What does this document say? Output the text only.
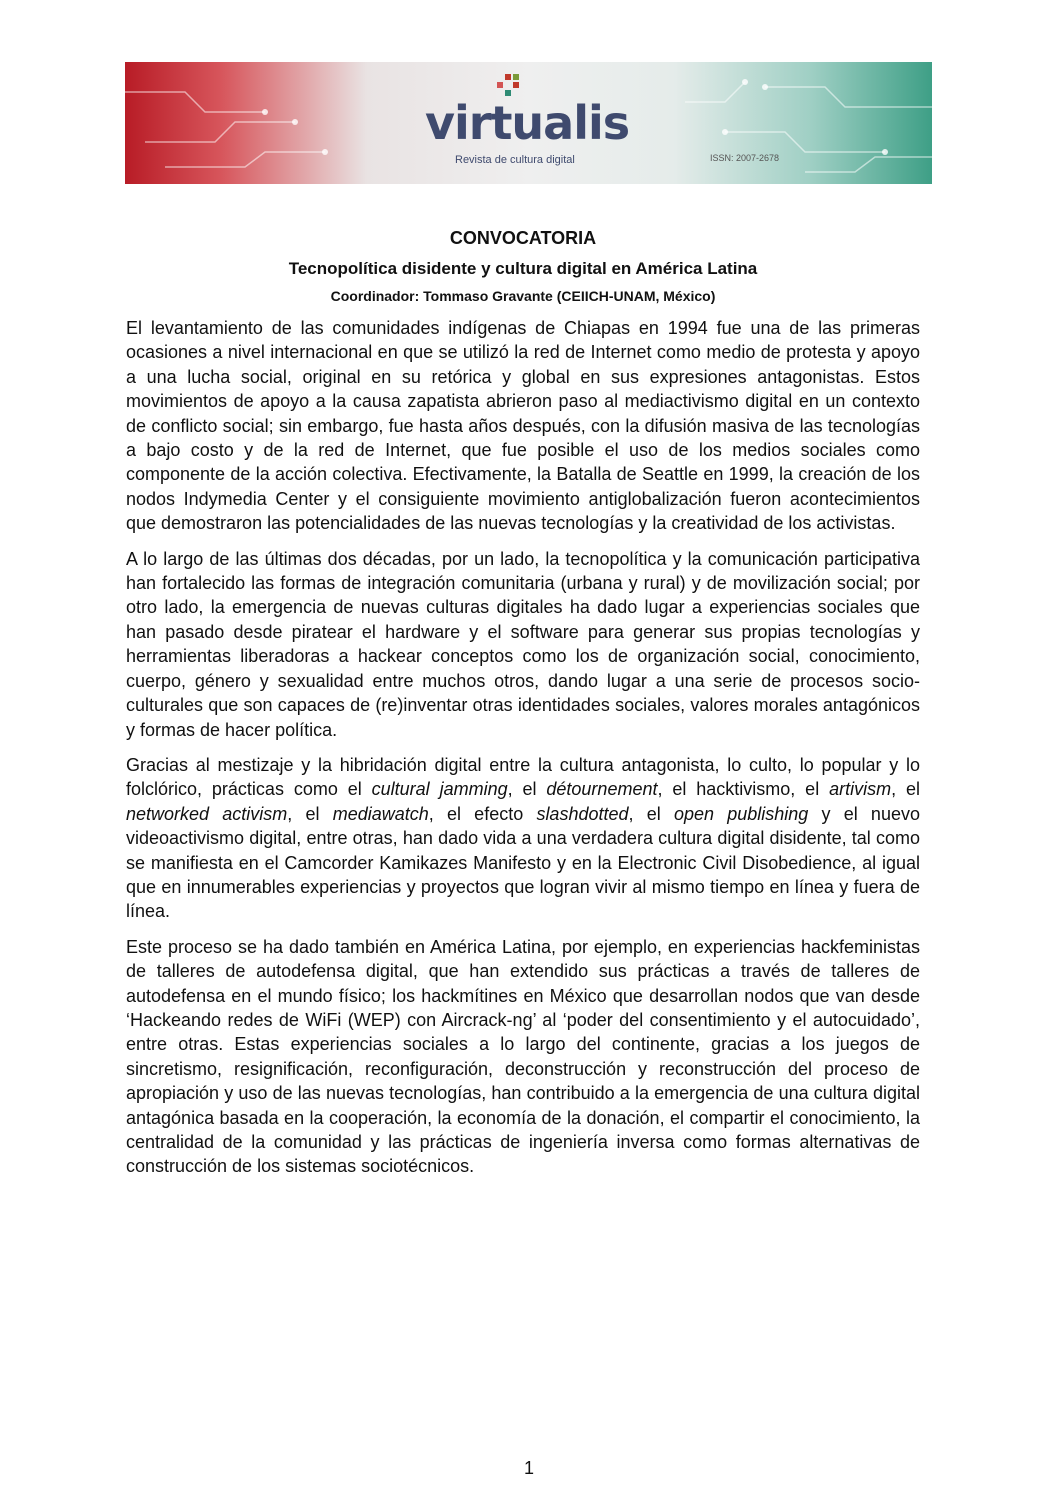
virtualis
Revista de cultura digital	ISSN: 2007-2678
CONVOCATORIA
Tecnopolítica disidente y cultura digital en América Latina
Coordinador: Tommaso Gravante (CEIICH-UNAM, México)

El levantamiento de las comunidades indígenas de Chiapas en 1994 fue una de las primeras ocasiones a nivel internacional en que se utilizó la red de Internet como medio de protesta y apoyo a una lucha social, original en su retórica y global en sus expresiones antagonistas. Estos movimientos de apoyo a la causa zapatista abrieron paso al mediactivismo digital en un contexto de conflicto social; sin embargo, fue hasta años después, con la difusión masiva de las tecnologías a bajo costo y de la red de Internet, que fue posible el uso de los medios sociales como componente de la acción colectiva. Efectivamente, la Batalla de Seattle en 1999, la creación de los nodos Indymedia Center y el consiguiente movimiento antiglobalización fueron acontecimientos que demostraron las potencialidades de las nuevas tecnologías y la creatividad de los activistas.

A lo largo de las últimas dos décadas, por un lado, la tecnopolítica y la comunicación participativa han fortalecido las formas de integración comunitaria (urbana y rural) y de movilización social; por otro lado, la emergencia de nuevas culturas digitales ha dado lugar a experiencias sociales que han pasado desde piratear el hardware y el software para generar sus propias tecnologías y herramientas liberadoras a hackear conceptos como los de organización social, conocimiento, cuerpo, género y sexualidad entre muchos otros, dando lugar a una serie de procesos socio-culturales que son capaces de (re)inventar otras identidades sociales, valores morales antagónicos y formas de hacer política.

Gracias al mestizaje y la hibridación digital entre la cultura antagonista, lo culto, lo popular y lo folclórico, prácticas como el cultural jamming, el détournement, el hacktivismo, el artivism, el networked activism, el mediawatch, el efecto slashdotted, el open publishing y el nuevo videoactivismo digital, entre otras, han dado vida a una verdadera cultura digital disidente, tal como se manifiesta en el Camcorder Kamikazes Manifesto y en la Electronic Civil Disobedience, al igual que en innumerables experiencias y proyectos que logran vivir al mismo tiempo en línea y fuera de línea.

Este proceso se ha dado también en América Latina, por ejemplo, en experiencias hackfeministas de talleres de autodefensa digital, que han extendido sus prácticas a través de talleres de autodefensa en el mundo físico; los hackmítines en México que desarrollan nodos que van desde ‘Hackeando redes de WiFi (WEP) con Aircrack-ng’ al ‘poder del consentimiento y el autocuidado’, entre otras. Estas experiencias sociales a lo largo del continente, gracias a los juegos de sincretismo, resignificación, reconfiguración, deconstrucción y reconstrucción del proceso de apropiación y uso de las nuevas tecnologías, han contribuido a la emergencia de una cultura digital antagónica basada en la cooperación, la economía de la donación, el compartir el conocimiento, la centralidad de la comunidad y las prácticas de ingeniería inversa como formas alternativas de construcción de los sistemas sociotécnicos.

1
